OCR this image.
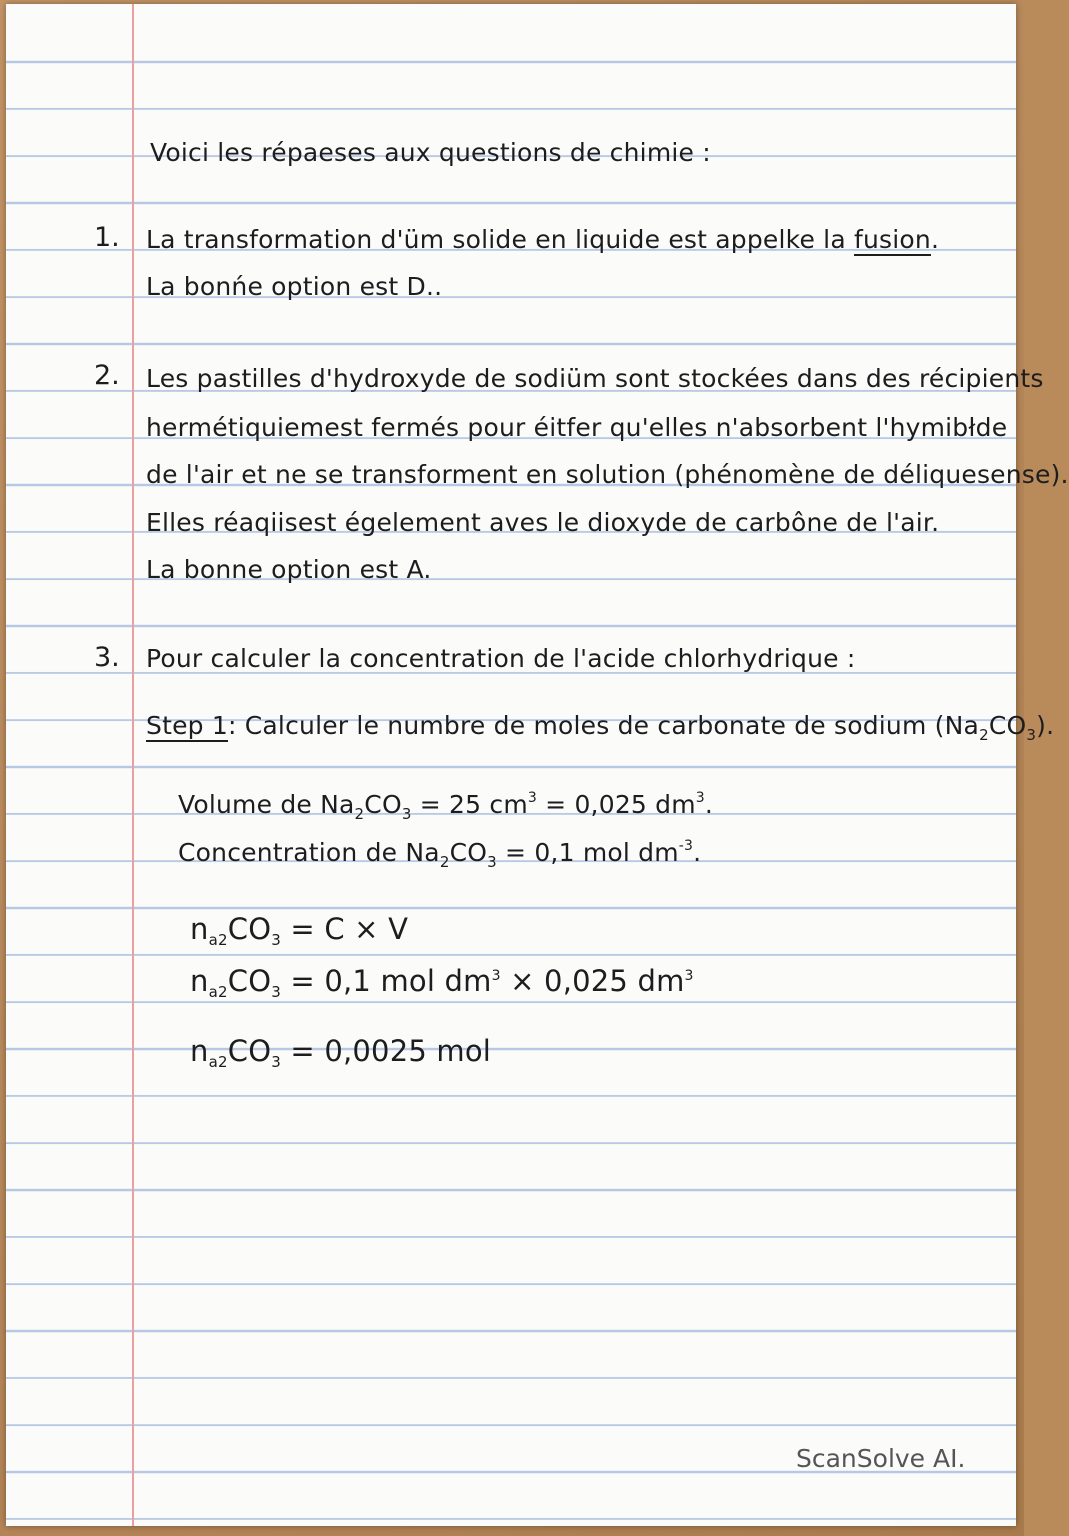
Voici les répaeses aux questions de chimie :
1. La transformation d'üm solide en liquide est appelke la fusion.
La bonńe option est D..
2. Les pastilles d'hydroxyde de sodiüm sont stockées dans des récipients
hermétiquiemest fermés pour éitfer qu'elles n'absorbent l'hymibłde
de l'air et ne se transforment en solution (phénomène de déliquesense).
Elles réaqiisest égelement aves le dioxyde de carbône de l'air.
La bonne option est A.
3. Pour calculer la concentration de l'acide chlorhydrique :
Step 1: Calculer le numbre de moles de carbonate de sodium $(Na_2CO_3)$.
Volume de $Na_2CO_3 = 25$ $cm^3 = 0,025$ $dm^3$.
Concentration de $Na_2CO_3 = 0,1$ mol $dm^{-3}$.
$n_{a2}CO_3 = C \times V$
$n_{a2}CO_3 = 0,1$ mol $dm^3 \times 0,025$ $dm^3$
$n_{a2}CO_3 = 0,0025$ mol
ScanSolve AI.
